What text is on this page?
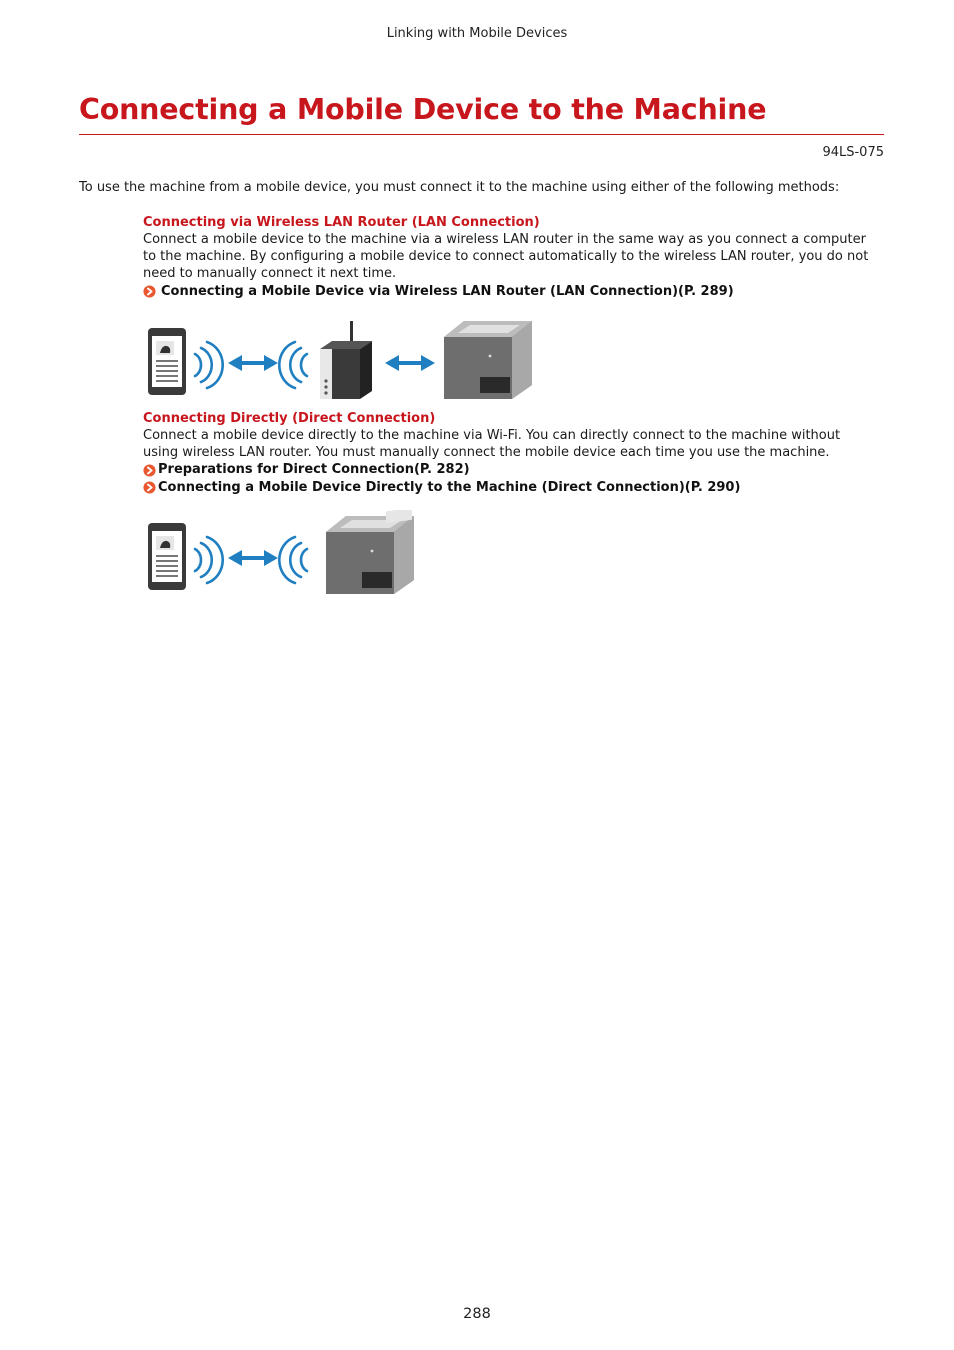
Linking with Mobile Devices
Connecting a Mobile Device to the Machine
94LS-075

To use the machine from a mobile device, you must connect it to the machine using either of the following methods:

Connecting via Wireless LAN Router (LAN Connection)

Connect a mobile device to the machine via a wireless LAN router in the same way as you connect a computer to the machine. By configuring a mobile device to connect automatically to the wireless LAN router, you do not need to manually connect it next time.

Connecting a Mobile Device via Wireless LAN Router (LAN Connection)(P. 289)

Connecting Directly (Direct Connection)

Connect a mobile device directly to the machine via Wi-Fi. You can directly connect to the machine without using wireless LAN router. You must manually connect the mobile device each time you use the machine.

Preparations for Direct Connection(P. 282)
Connecting a Mobile Device Directly to the Machine (Direct Connection)(P. 290)
288
